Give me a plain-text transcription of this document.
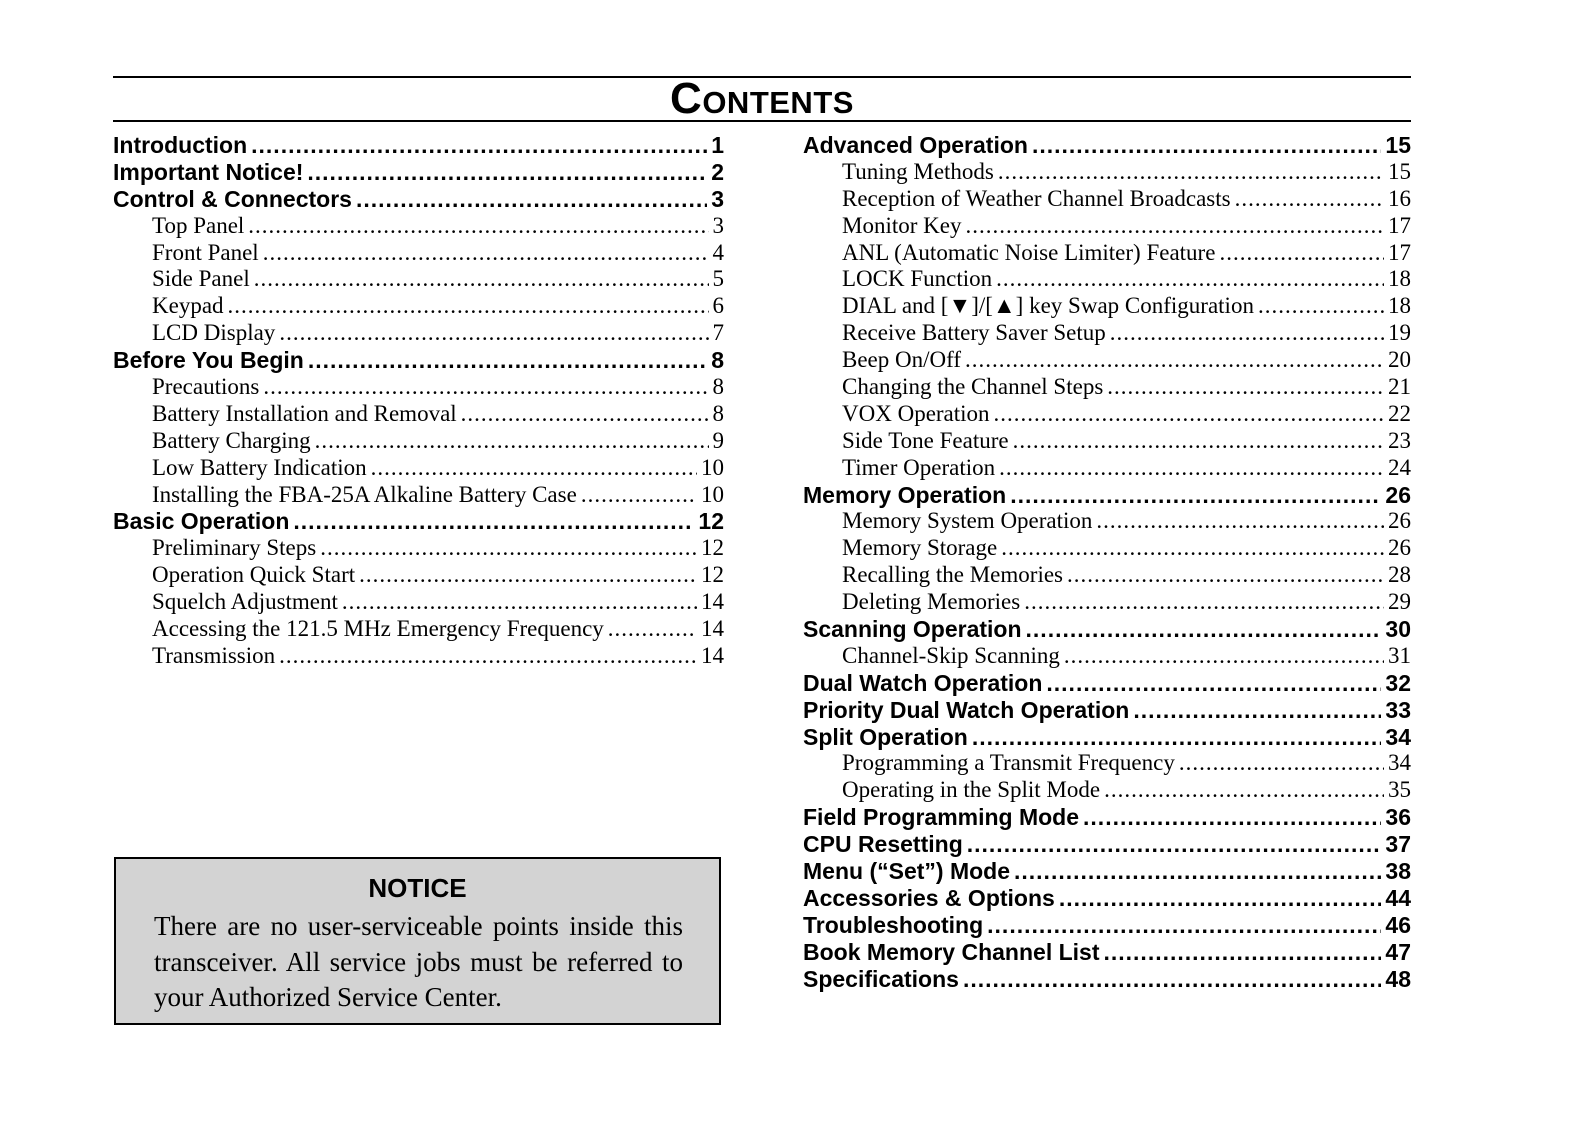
Contents
Introduction .....	1
Important Notice! .....	2
Control & Connectors .....	3
Top Panel .....	3
Front Panel .....	4
Side Panel .....	5
Keypad .....	6
LCD Display .....	7
Before You Begin .....	8
Precautions .....	8
Battery Installation and Removal .....	8
Battery Charging .....	9
Low Battery Indication .....	10
Installing the FBA-25A Alkaline Battery Case .....	10
Basic Operation .....	12
Preliminary Steps .....	12
Operation Quick Start .....	12
Squelch Adjustment .....	14
Accessing the 121.5 MHz Emergency Frequency .....	14
Transmission .....	14
Advanced Operation .....	15
Tuning Methods .....	15
Reception of Weather Channel Broadcasts .....	16
Monitor Key .....	17
ANL (Automatic Noise Limiter) Feature .....	17
LOCK Function .....	18
DIAL and [▼]/[▲] key Swap Configuration .....	18
Receive Battery Saver Setup .....	19
Beep On/Off .....	20
Changing the Channel Steps .....	21
VOX Operation .....	22
Side Tone Feature .....	23
Timer Operation .....	24
Memory Operation .....	26
Memory System Operation .....	26
Memory Storage .....	26
Recalling the Memories .....	28
Deleting Memories .....	29
Scanning Operation .....	30
Channel-Skip Scanning .....	31
Dual Watch Operation .....	32
Priority Dual Watch Operation .....	33
Split Operation .....	34
Programming a Transmit Frequency .....	34
Operating in the Split Mode .....	35
Field Programming Mode .....	36
CPU Resetting .....	37
Menu (“Set”) Mode .....	38
Accessories & Options .....	44
Troubleshooting .....	46
Book Memory Channel List .....	47
Specifications .....	48
NOTICE
There are no user-serviceable points inside this transceiver. All service jobs must be referred to your Authorized Service Center.
